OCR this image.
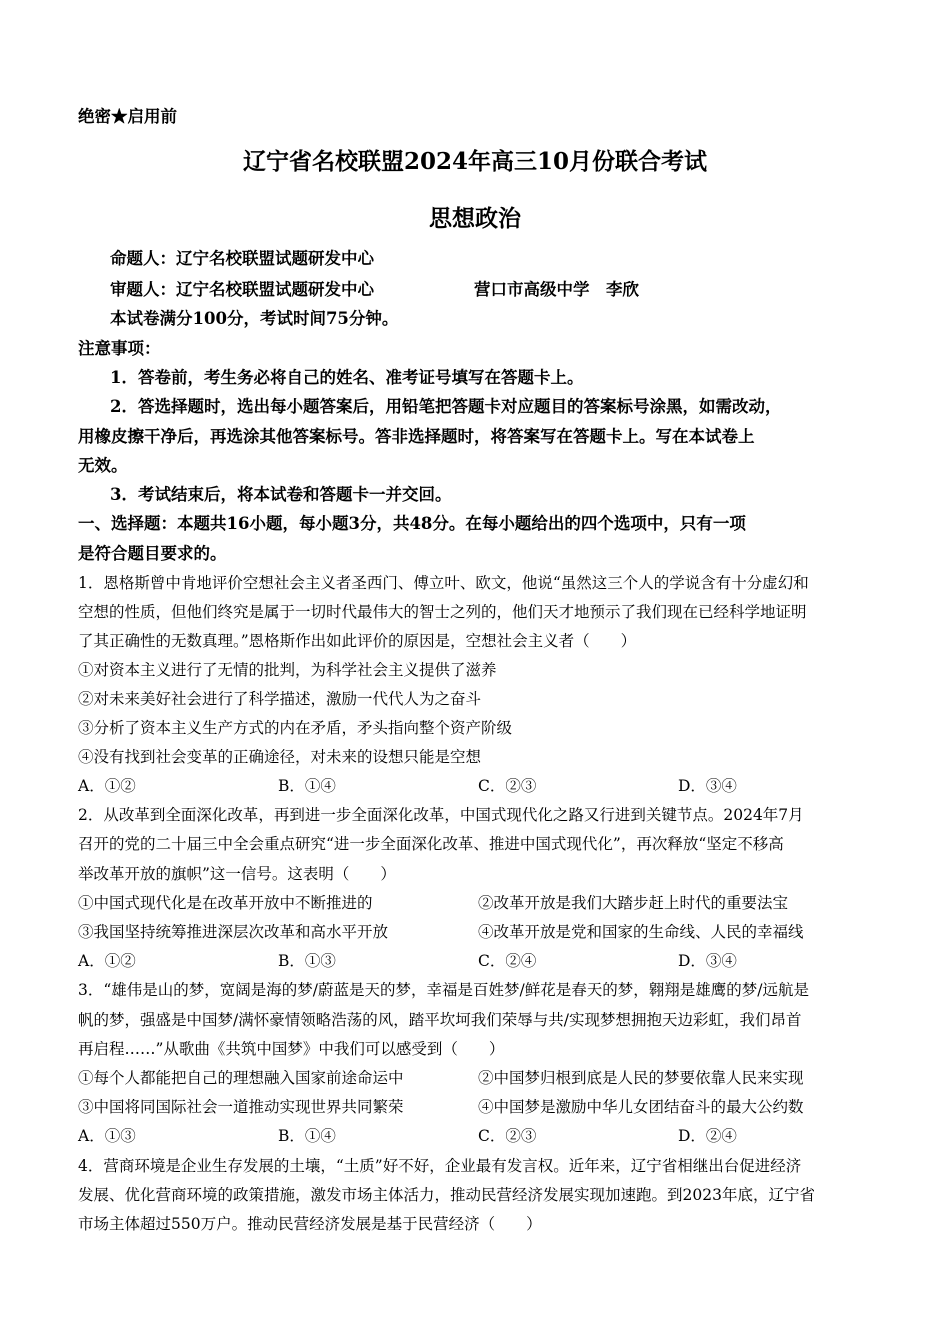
绝密★启用前
辽宁省名校联盟2024年高三10月份联合考试
思想政治
命题人：辽宁名校联盟试题研发中心
审题人：辽宁名校联盟试题研发中心	营口市高级中学　李欣
本试卷满分100分，考试时间75分钟。
注意事项：
1．答卷前，考生务必将自己的姓名、准考证号填写在答题卡上。
2．答选择题时，选出每小题答案后，用铅笔把答题卡对应题目的答案标号涂黑，如需改动，
用橡皮擦干净后，再选涂其他答案标号。答非选择题时，将答案写在答题卡上。写在本试卷上
无效。
3．考试结束后，将本试卷和答题卡一并交回。
一、选择题：本题共16小题，每小题3分，共48分。在每小题给出的四个选项中，只有一项
是符合题目要求的。
1．恩格斯曾中肯地评价空想社会主义者圣西门、傅立叶、欧文，他说“虽然这三个人的学说含有十分虚幻和
空想的性质，但他们终究是属于一切时代最伟大的智士之列的，他们天才地预示了我们现在已经科学地证明
了其正确性的无数真理。”恩格斯作出如此评价的原因是，空想社会主义者（　　）
①对资本主义进行了无情的批判，为科学社会主义提供了滋养
②对未来美好社会进行了科学描述，激励一代代人为之奋斗
③分析了资本主义生产方式的内在矛盾，矛头指向整个资产阶级
④没有找到社会变革的正确途径，对未来的设想只能是空想
A．①②	B．①④	C．②③	D．③④
2．从改革到全面深化改革，再到进一步全面深化改革，中国式现代化之路又行进到关键节点。2024年7月
召开的党的二十届三中全会重点研究“进一步全面深化改革、推进中国式现代化”，再次释放“坚定不移高
举改革开放的旗帜”这一信号。这表明（　　）
①中国式现代化是在改革开放中不断推进的	②改革开放是我们大踏步赶上时代的重要法宝
③我国坚持统筹推进深层次改革和高水平开放	④改革开放是党和国家的生命线、人民的幸福线
A．①②	B．①③	C．②④	D．③④
3．“雄伟是山的梦，宽阔是海的梦/蔚蓝是天的梦，幸福是百姓梦/鲜花是春天的梦，翱翔是雄鹰的梦/远航是
帆的梦，强盛是中国梦/满怀豪情领略浩荡的风，踏平坎坷我们荣辱与共/实现梦想拥抱天边彩虹，我们昂首
再启程……”从歌曲《共筑中国梦》中我们可以感受到（　　）
①每个人都能把自己的理想融入国家前途命运中	②中国梦归根到底是人民的梦要依靠人民来实现
③中国将同国际社会一道推动实现世界共同繁荣	④中国梦是激励中华儿女团结奋斗的最大公约数
A．①③	B．①④	C．②③	D．②④
4．营商环境是企业生存发展的土壤，“土质”好不好，企业最有发言权。近年来，辽宁省相继出台促进经济
发展、优化营商环境的政策措施，激发市场主体活力，推动民营经济发展实现加速跑。到2023年底，辽宁省
市场主体超过550万户。推动民营经济发展是基于民营经济（　　）
